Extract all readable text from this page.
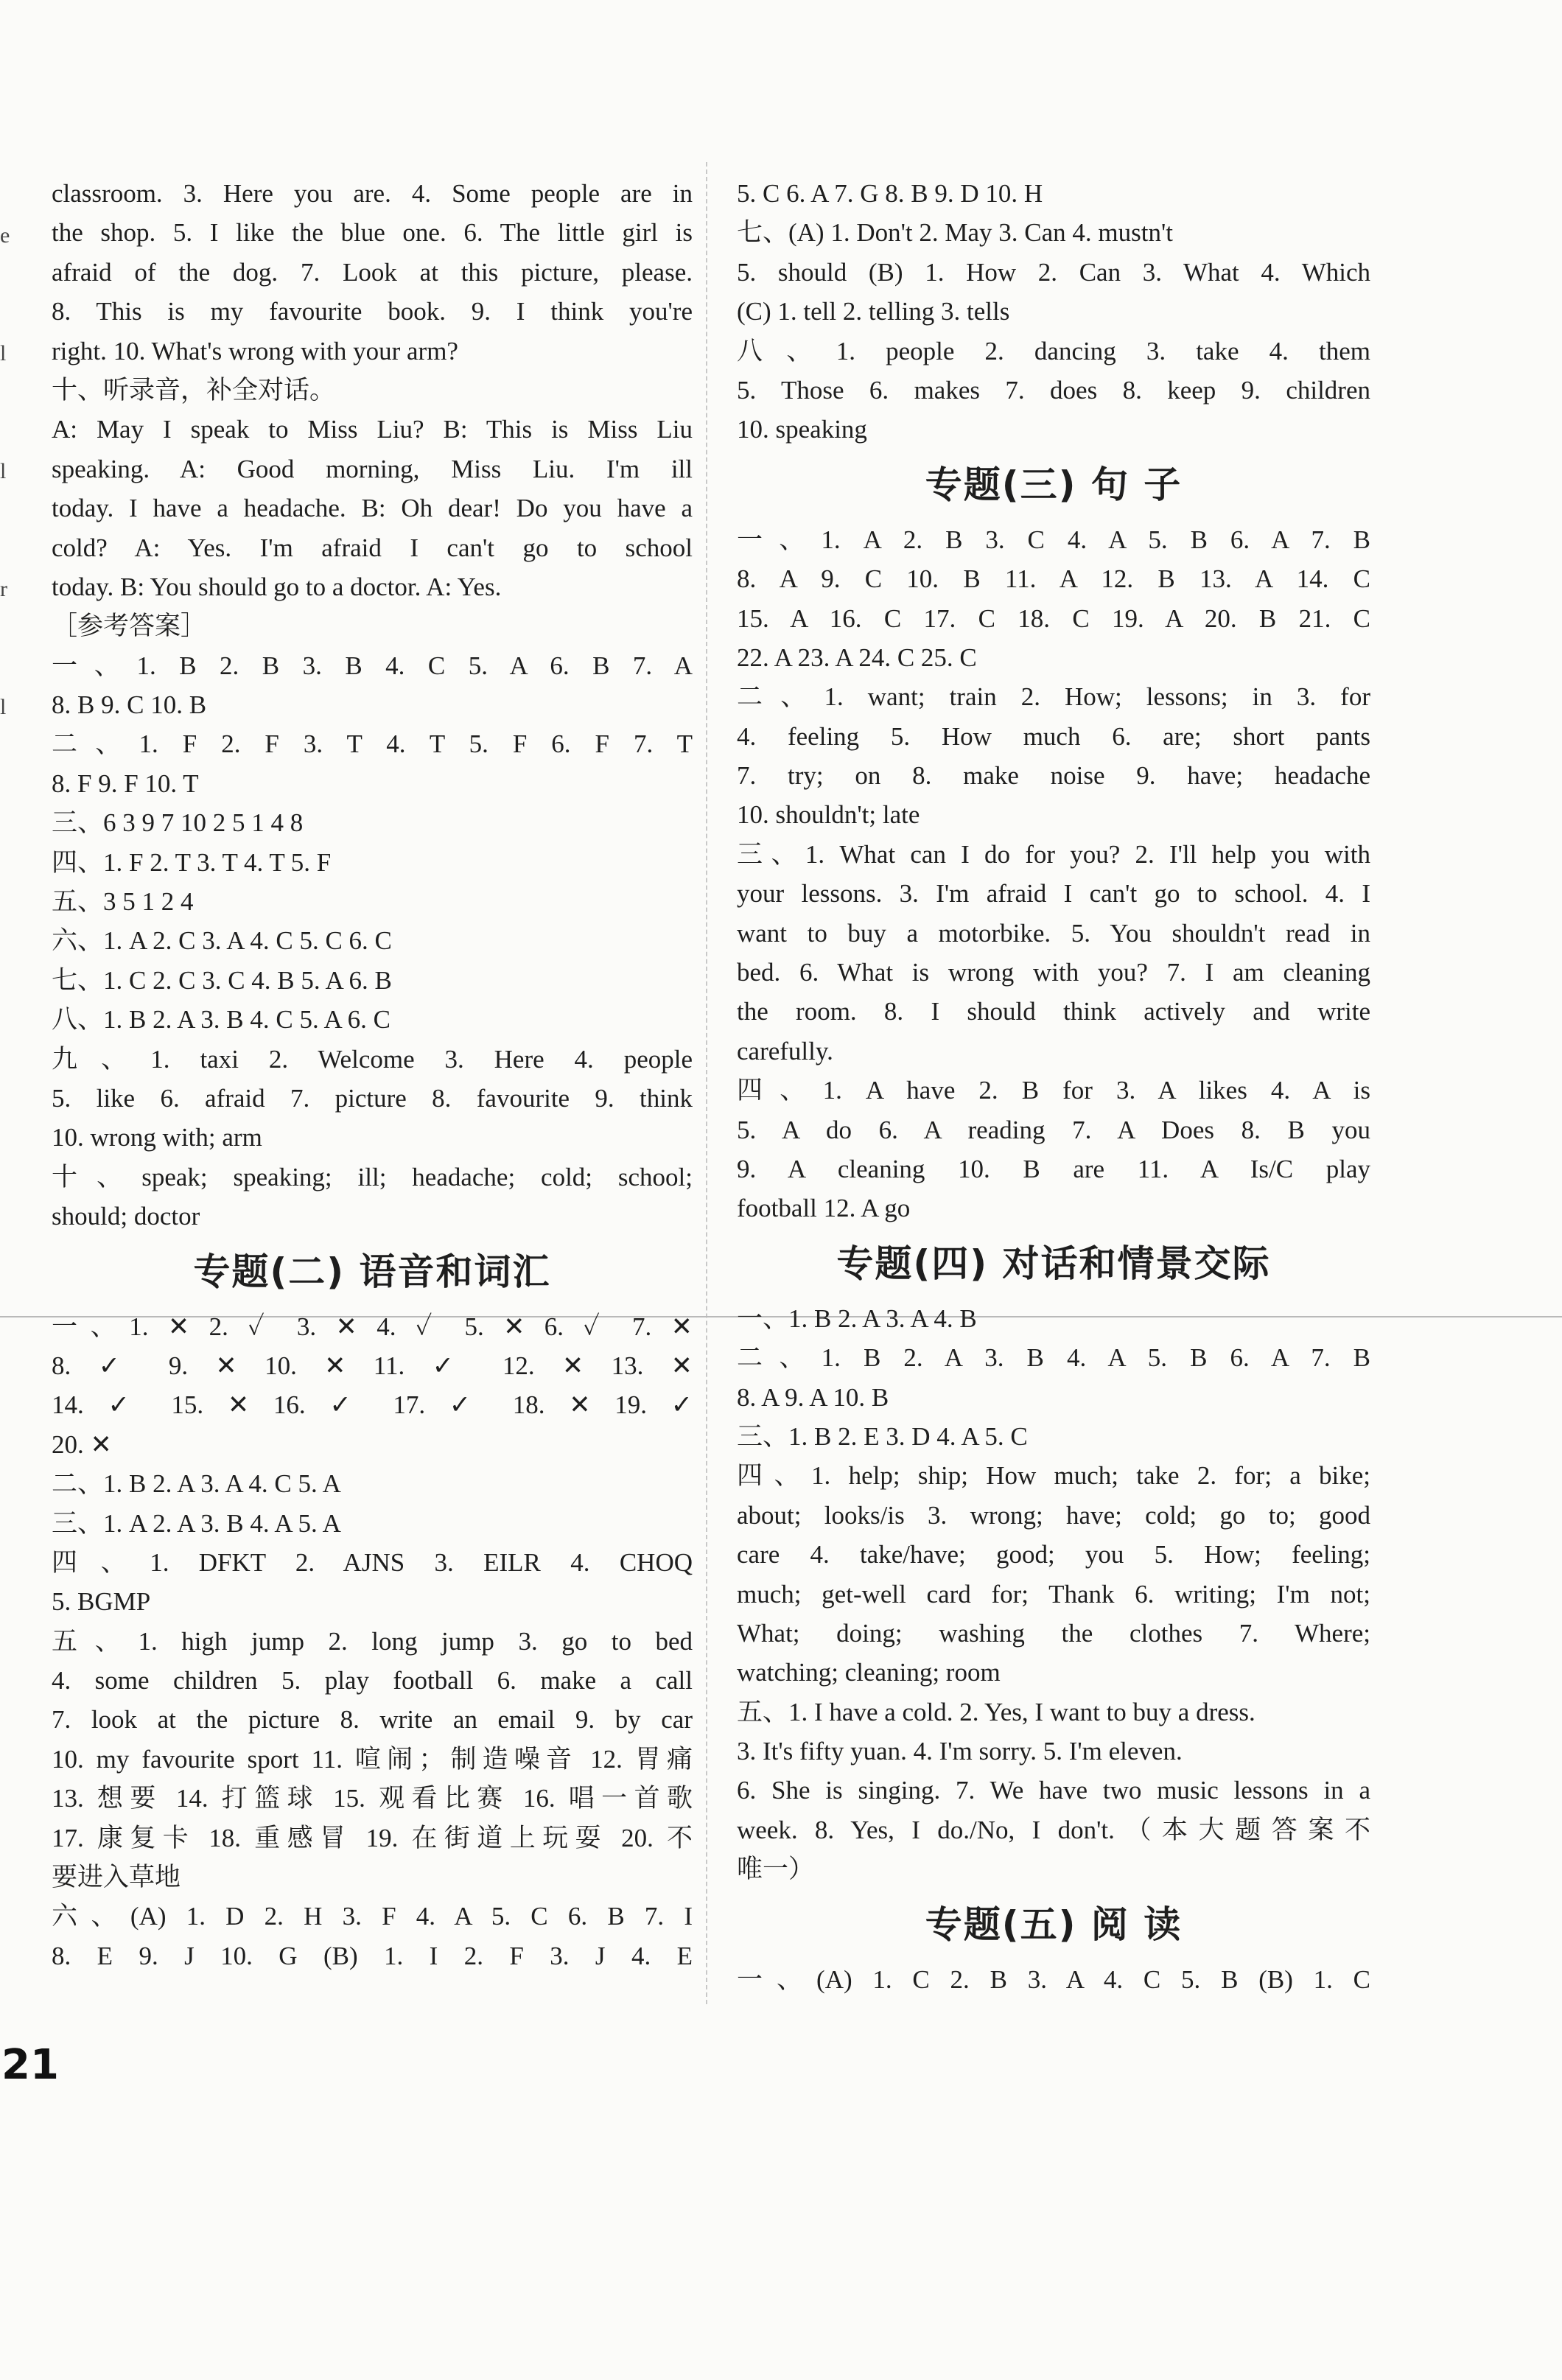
e
l
l
r
l
classroom. 3. Here you are. 4. Some people are in
the shop. 5. I like the blue one. 6. The little girl is
afraid of the dog. 7. Look at this picture, please.
8. This is my favourite book. 9. I think you're
right. 10. What's wrong with your arm?
十、听录音，补全对话。
A: May I speak to Miss Liu? B: This is Miss Liu
speaking. A: Good morning, Miss Liu. I'm ill
today. I have a headache. B: Oh dear! Do you have a
cold? A: Yes. I'm afraid I can't go to school
today. B: You should go to a doctor. A: Yes.
［参考答案］
一、1. B 2. B 3. B 4. C 5. A 6. B 7. A
8. B 9. C 10. B
二、1. F 2. F 3. T 4. T 5. F 6. F 7. T
8. F 9. F 10. T
三、6 3 9 7 10 2 5 1 4 8
四、1. F 2. T 3. T 4. T 5. F
五、3 5 1 2 4
六、1. A 2. C 3. A 4. C 5. C 6. C
七、1. C 2. C 3. C 4. B 5. A 6. B
八、1. B 2. A 3. B 4. C 5. A 6. C
九、1. taxi 2. Welcome 3. Here 4. people
5. like 6. afraid 7. picture 8. favourite 9. think
10. wrong with; arm
十、speak; speaking; ill; headache; cold; school;
should; doctor
专题(二) 语音和词汇
一、1. ✕ 2. ✓ 3. ✕ 4. ✓ 5. ✕ 6. ✓ 7. ✕
8. ✓ 9. ✕ 10. ✕ 11. ✓ 12. ✕ 13. ✕
14. ✓ 15. ✕ 16. ✓ 17. ✓ 18. ✕ 19. ✓
20. ✕
二、1. B 2. A 3. A 4. C 5. A
三、1. A 2. A 3. B 4. A 5. A
四、1. DFKT 2. AJNS 3. EILR 4. CHOQ
5. BGMP
五、1. high jump 2. long jump 3. go to bed
4. some children 5. play football 6. make a call
7. look at the picture 8. write an email 9. by car
10. my favourite sport 11. 喧闹；制造噪音 12. 胃痛
13. 想要 14. 打篮球 15. 观看比赛 16. 唱一首歌
17. 康复卡 18. 重感冒 19. 在街道上玩耍 20. 不
要进入草地
六、(A) 1. D 2. H 3. F 4. A 5. C 6. B 7. I
8. E 9. J 10. G (B) 1. I 2. F 3. J 4. E
5. C 6. A 7. G 8. B 9. D 10. H
七、(A) 1. Don't 2. May 3. Can 4. mustn't
5. should (B) 1. How 2. Can 3. What 4. Which
(C) 1. tell 2. telling 3. tells
八、1. people 2. dancing 3. take 4. them
5. Those 6. makes 7. does 8. keep 9. children
10. speaking
专题(三) 句 子
一、1. A 2. B 3. C 4. A 5. B 6. A 7. B
8. A 9. C 10. B 11. A 12. B 13. A 14. C
15. A 16. C 17. C 18. C 19. A 20. B 21. C
22. A 23. A 24. C 25. C
二、1. want; train 2. How; lessons; in 3. for
4. feeling 5. How much 6. are; short pants
7. try; on 8. make noise 9. have; headache
10. shouldn't; late
三、1. What can I do for you? 2. I'll help you with
your lessons. 3. I'm afraid I can't go to school. 4. I
want to buy a motorbike. 5. You shouldn't read in
bed. 6. What is wrong with you? 7. I am cleaning
the room. 8. I should think actively and write
carefully.
四、1. A have 2. B for 3. A likes 4. A is
5. A do 6. A reading 7. A Does 8. B you
9. A cleaning 10. B are 11. A Is/C play
football 12. A go
专题(四) 对话和情景交际
一、1. B 2. A 3. A 4. B
二、1. B 2. A 3. B 4. A 5. B 6. A 7. B
8. A 9. A 10. B
三、1. B 2. E 3. D 4. A 5. C
四、1. help; ship; How much; take 2. for; a bike;
about; looks/is 3. wrong; have; cold; go to; good
care 4. take/have; good; you 5. How; feeling;
much; get-well card for; Thank 6. writing; I'm not;
What; doing; washing the clothes 7. Where;
watching; cleaning; room
五、1. I have a cold. 2. Yes, I want to buy a dress.
3. It's fifty yuan. 4. I'm sorry. 5. I'm eleven.
6. She is singing. 7. We have two music lessons in a
week. 8. Yes, I do./No, I don't.（本大题答案不
唯一）
专题(五) 阅 读
一、(A) 1. C 2. B 3. A 4. C 5. B (B) 1. C
21
